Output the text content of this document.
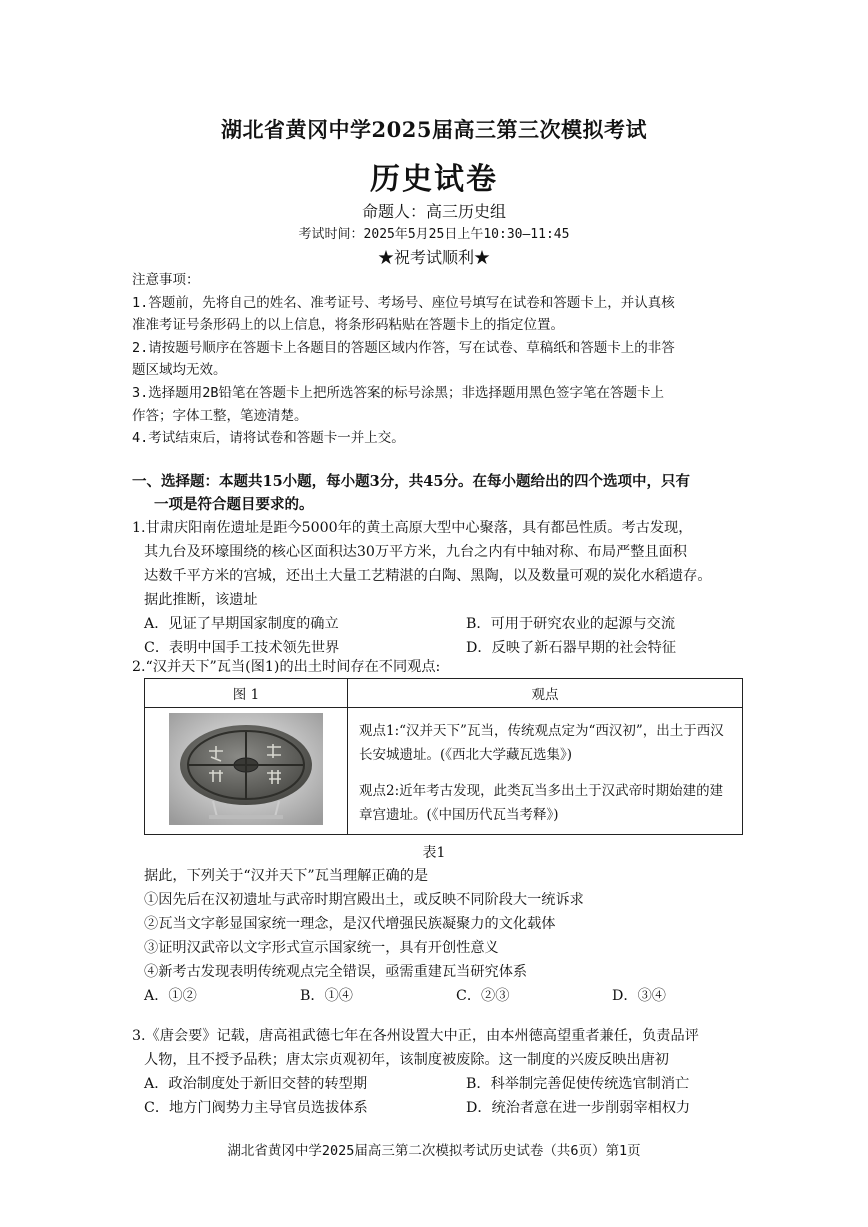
湖北省黄冈中学2025届高三第三次模拟考试
历史试卷
命题人：高三历史组
考试时间：2025年5月25日上午10:30—11:45
★祝考试顺利★
注意事项：
1.答题前，先将自己的姓名、准考证号、考场号、座位号填写在试卷和答题卡上，并认真核
准准考证号条形码上的以上信息，将条形码粘贴在答题卡上的指定位置。
2.请按题号顺序在答题卡上各题目的答题区域内作答，写在试卷、草稿纸和答题卡上的非答
题区域均无效。
3.选择题用2B铅笔在答题卡上把所选答案的标号涂黑；非选择题用黑色签字笔在答题卡上
作答；字体工整，笔迹清楚。
4.考试结束后，请将试卷和答题卡一并上交。
一、选择题：本题共15小题，每小题3分，共45分。在每小题给出的四个选项中，只有
一项是符合题目要求的。
1.甘肃庆阳南佐遗址是距今5000年的黄土高原大型中心聚落，具有都邑性质。考古发现，
其九台及环壕围绕的核心区面积达30万平方米，九台之内有中轴对称、布局严整且面积
达数千平方米的宫城，还出土大量工艺精湛的白陶、黑陶，以及数量可观的炭化水稻遗存。
据此推断，该遗址
A．见证了早期国家制度的确立	B．可用于研究农业的起源与交流
C．表明中国手工技术领先世界	D．反映了新石器早期的社会特征
2.“汉并天下”瓦当(图1)的出土时间存在不同观点:
图 1	观点

观点1:“汉并天下”瓦当，传统观点定为“西汉初”，出土于西汉长安城遗址。(《西北大学藏瓦选集》)
观点2:近年考古发现，此类瓦当多出土于汉武帝时期始建的建章宫遗址。(《中国历代瓦当考释》)
表1
据此，下列关于“汉并天下”瓦当理解正确的是
①因先后在汉初遗址与武帝时期宫殿出土，或反映不同阶段大一统诉求
②瓦当文字彰显国家统一理念，是汉代增强民族凝聚力的文化载体
③证明汉武帝以文字形式宣示国家统一，具有开创性意义
④新考古发现表明传统观点完全错误，亟需重建瓦当研究体系
A．①②	B．①④	C．②③	D．③④
3.《唐会要》记载，唐高祖武德七年在各州设置大中正，由本州德高望重者兼任，负责品评
人物，且不授予品秩；唐太宗贞观初年，该制度被废除。这一制度的兴废反映出唐初
A．政治制度处于新旧交替的转型期	B．科举制完善促使传统选官制消亡
C．地方门阀势力主导官员选拔体系	D．统治者意在进一步削弱宰相权力
湖北省黄冈中学2025届高三第二次模拟考试历史试卷（共6页）第1页
